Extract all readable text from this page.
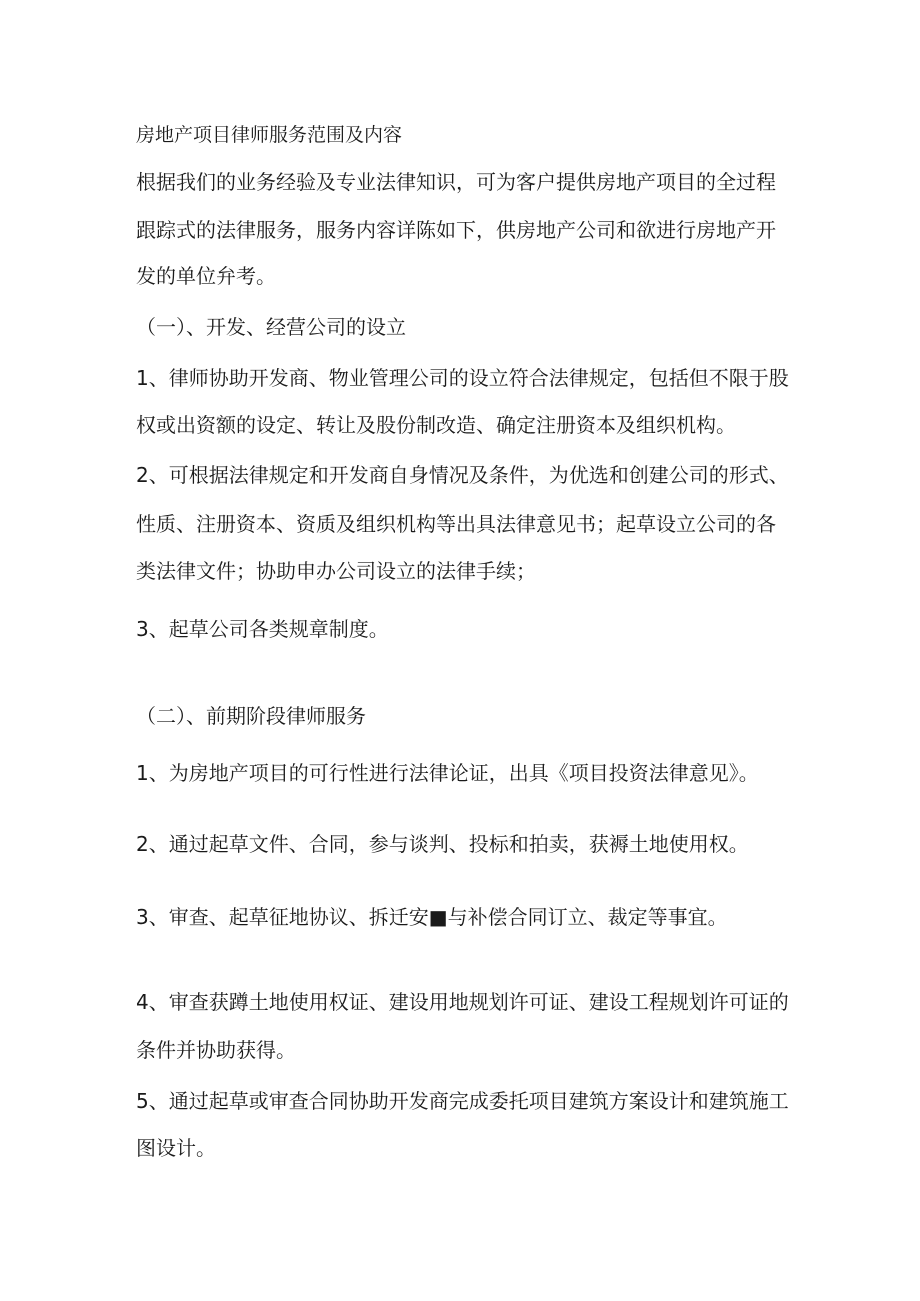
房地产项目律师服务范围及内容
根据我们的业务经验及专业法律知识，可为客户提供房地产项目的全过程
跟踪式的法律服务，服务内容详陈如下，供房地产公司和欲进行房地产开
发的单位弁考。
（一）、开发、经营公司的设立
1、律师协助开发商、物业管理公司的设立符合法律规定，包括但不限于股
权或出资额的设定、转让及股份制改造、确定注册资本及组织机构。
2、可根据法律规定和开发商自身情况及条件，为优选和创建公司的形式、
性质、注册资本、资质及组织机构等出具法律意见书；起草设立公司的各
类法律文件；协助申办公司设立的法律手续；
3、起草公司各类规章制度。
（二）、前期阶段律师服务
1、为房地产项目的可行性进行法律论证，出具《项目投资法律意见》。
2、通过起草文件、合同，参与谈判、投标和拍卖，获褥土地使用权。
3、审查、起草征地协议、拆迁安■与补偿合同订立、裁定等事宜。
4、审查获蹲土地使用权证、建设用地规划许可证、建设工程规划许可证的
条件并协助获得。
5、通过起草或审查合同协助开发商完成委托项目建筑方案设计和建筑施工
图设计。
